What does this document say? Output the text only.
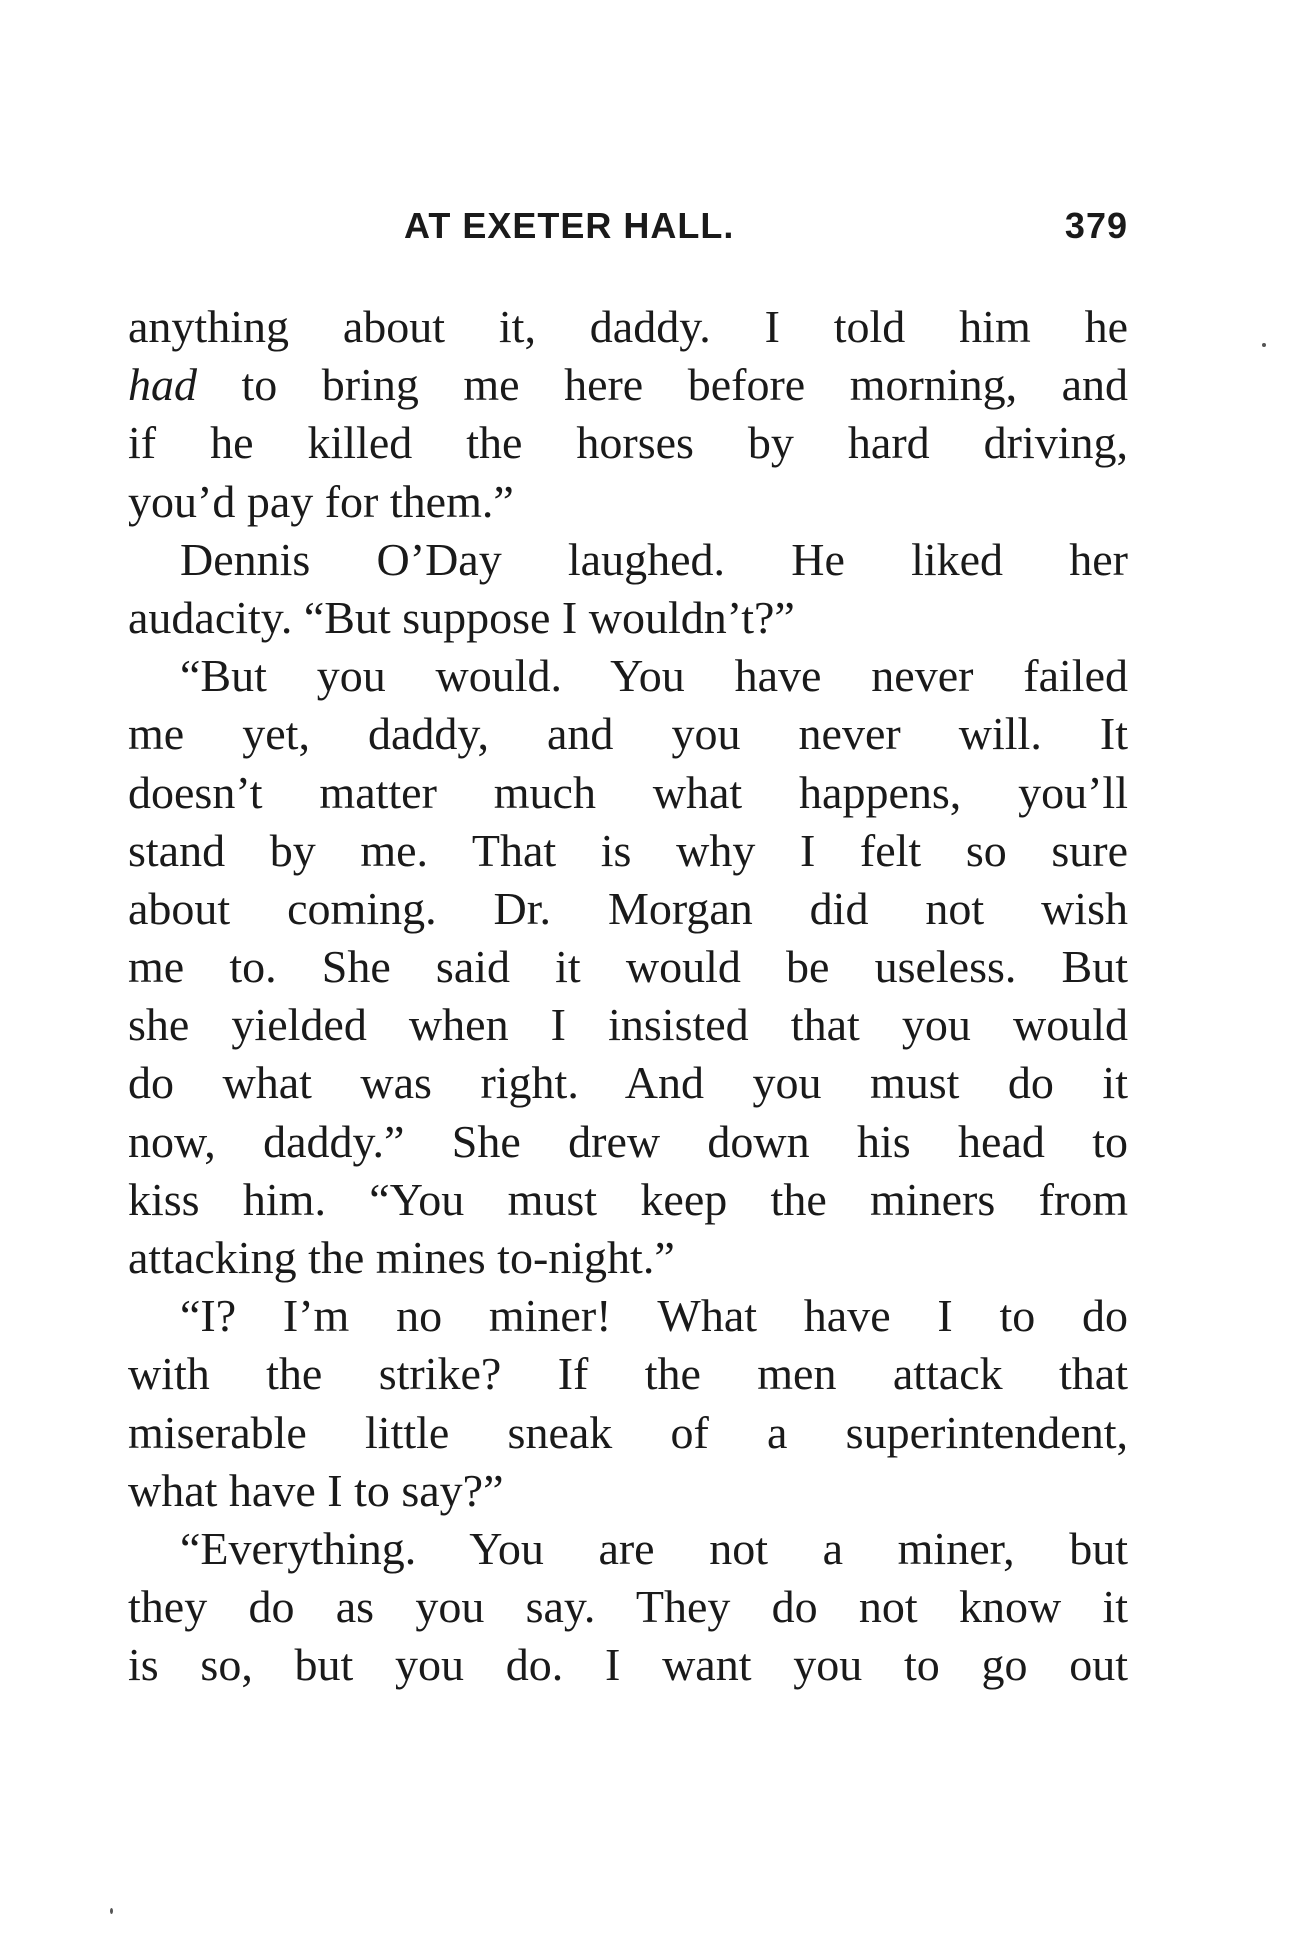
AT EXETER HALL.	379
anything about it, daddy. I told him he
had to bring me here before morning, and
if he killed the horses by hard driving,
you’d pay for them.”
Dennis O’Day laughed. He liked her
audacity. “But suppose I wouldn’t?”
“But you would. You have never failed
me yet, daddy, and you never will. It
doesn’t matter much what happens, you’ll
stand by me. That is why I felt so sure
about coming. Dr. Morgan did not wish
me to. She said it would be useless. But
she yielded when I insisted that you would
do what was right. And you must do it
now, daddy.” She drew down his head to
kiss him. “You must keep the miners from
attacking the mines to-night.”
“I? I’m no miner! What have I to do
with the strike? If the men attack that
miserable little sneak of a superintendent,
what have I to say?”
“Everything. You are not a miner, but
they do as you say. They do not know it
is so, but you do. I want you to go out
